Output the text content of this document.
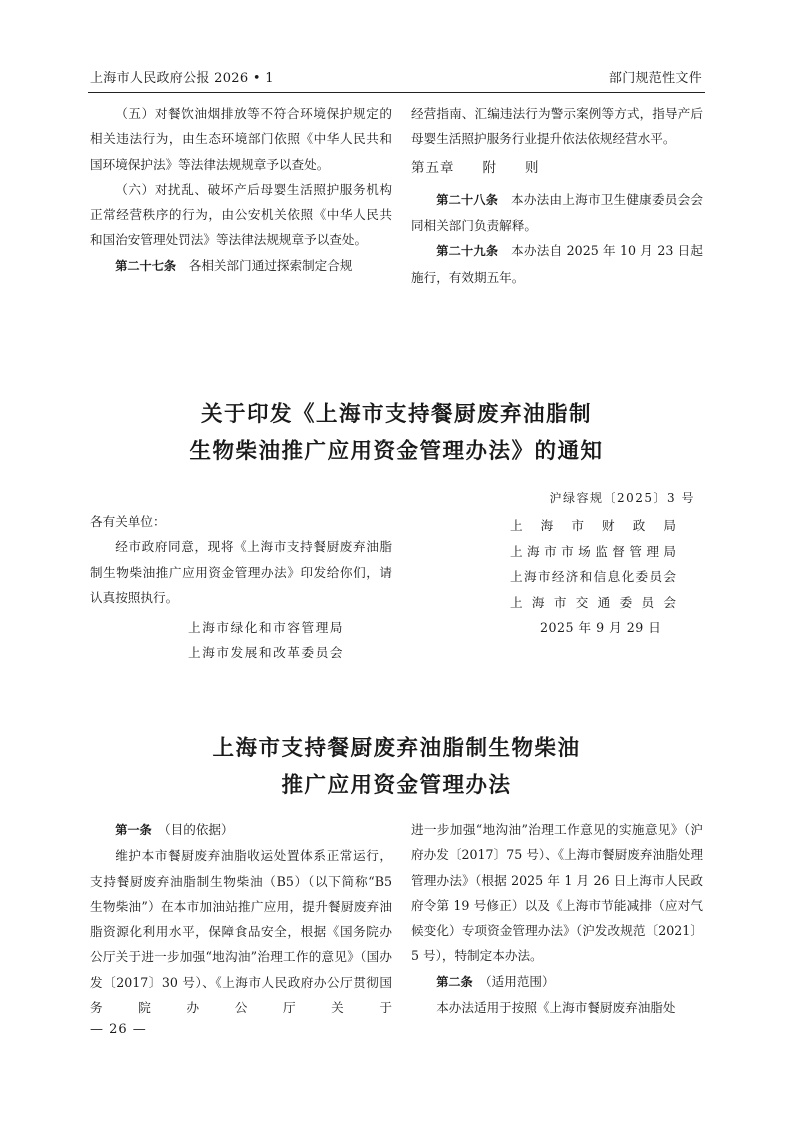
上海市人民政府公报 2026 • 1	部门规范性文件

（五）对餐饮油烟排放等不符合环境保护规定的相关违法行为，由生态环境部门依照《中华人民共和国环境保护法》等法律法规规章予以查处。

（六）对扰乱、破坏产后母婴生活照护服务机构正常经营秩序的行为，由公安机关依照《中华人民共和国治安管理处罚法》等法律法规规章予以查处。

第二十七条　 各相关部门通过探索制定合规

经营指南、汇编违法行为警示案例等方式，指导产后母婴生活照护服务行业提升依法依规经营水平。

第五章 附 则

第二十八条　 本办法由上海市卫生健康委员会会同相关部门负责解释。

第二十九条　 本办法自 2025 年 10 月 23 日起施行，有效期五年。

关于印发《上海市支持餐厨废弃油脂制
生物柴油推广应用资金管理办法》的通知
沪绿容规〔2025〕3 号

各有关单位：

经市政府同意，现将《上海市支持餐厨废弃油脂制生物柴油推广应用资金管理办法》印发给你们，请认真按照执行。

上海市绿化和市容管理局
上海市发展和改革委员会
上海市财政局
上海市市场监督管理局
上海市经济和信息化委员会
上海市交通委员会
2025 年 9 月 29 日
上海市支持餐厨废弃油脂制生物柴油
推广应用资金管理办法

第一条　 （目的依据）

维护本市餐厨废弃油脂收运处置体系正常运行，支持餐厨废弃油脂制生物柴油（B5）（以下简称“B5 生物柴油”）在本市加油站推广应用，提升餐厨废弃油脂资源化利用水平，保障食品安全，根据《国务院办公厅关于进一步加强“地沟油”治理工作的意见》（国办发〔2017〕30 号）、《上海市人民政府办公厅贯彻国务院办公厅关于

进一步加强“地沟油”治理工作意见的实施意见》（沪府办发〔2017〕75 号）、《上海市餐厨废弃油脂处理管理办法》（根据 2025 年 1 月 26 日上海市人民政府令第 19 号修正）以及《上海市节能减排（应对气候变化）专项资金管理办法》（沪发改规范〔2021〕5 号），特制定本办法。

第二条　 （适用范围）

本办法适用于按照《上海市餐厨废弃油脂处

— 26 —
